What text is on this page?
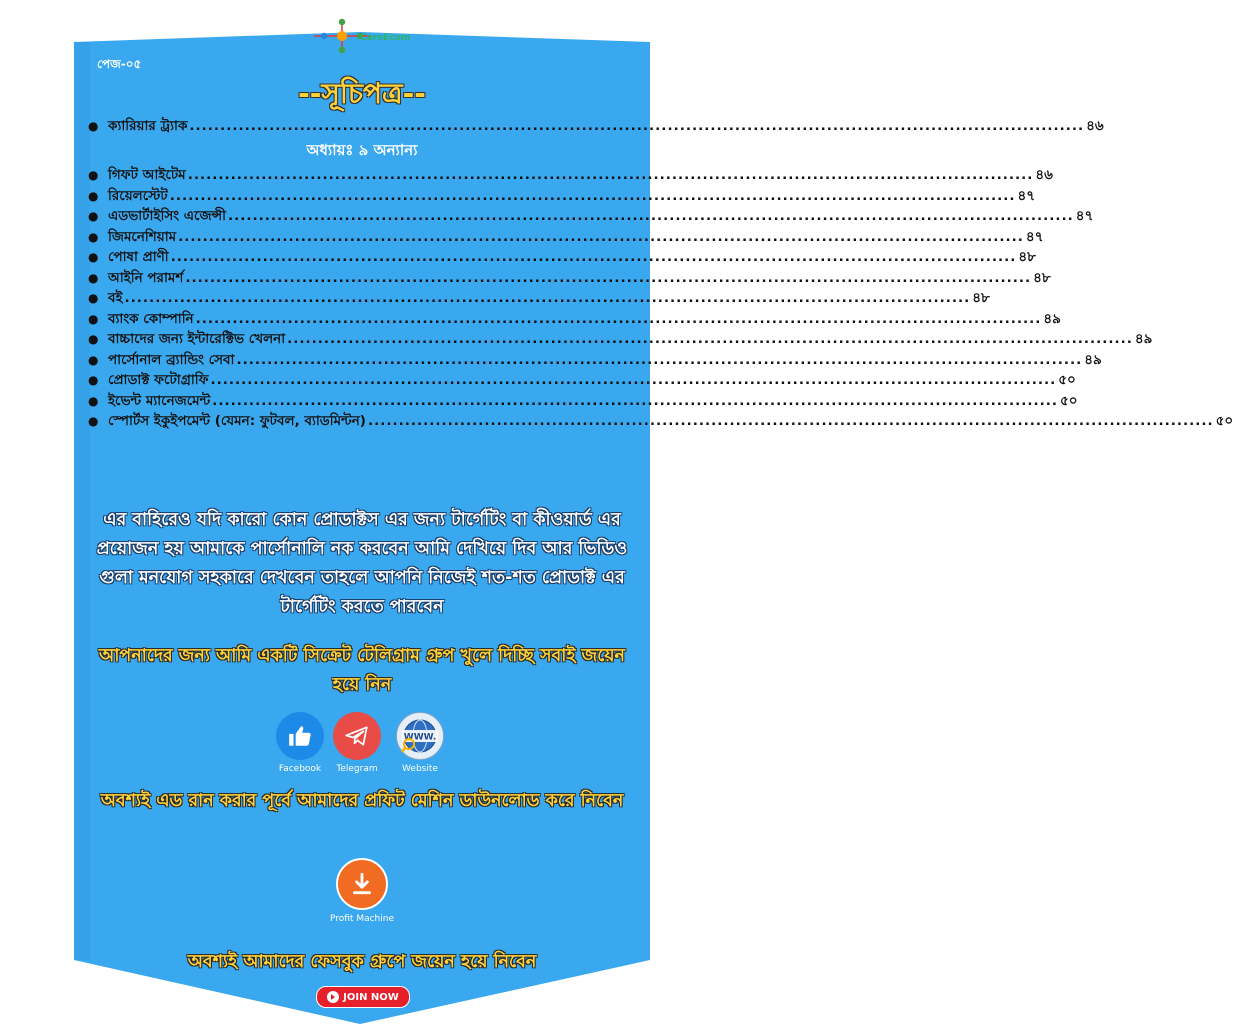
CareEcom
পেজ-০৫
--সূচিপত্র--
● ক্যারিয়ার ট্র্যাক .................................................................................................................................................. ৪৬
অধ্যায়ঃ ৯ অন্যান্য
● গিফট আইটেম .......................................................................................................................................... ৪৬
● রিয়েলস্টেট .......................................................................................................................................... ৪৭
● এডভার্টাইসিং এজেন্সী .......................................................................................................................................... ৪৭
● জিমনেশিয়াম .......................................................................................................................................... ৪৭
● পোষা প্রাণী .......................................................................................................................................... ৪৮
● আইনি পরামর্শ .......................................................................................................................................... ৪৮
● বই .......................................................................................................................................... ৪৮
● ব্যাংক কোম্পানি .......................................................................................................................................... ৪৯
● বাচ্চাদের জন্য ইন্টারেক্টিভ খেলনা .......................................................................................................................................... ৪৯
● পার্সোনাল ব্র্যান্ডিং সেবা .......................................................................................................................................... ৪৯
● প্রোডাক্ট ফটোগ্রাফি .......................................................................................................................................... ৫০
● ইভেন্ট ম্যানেজমেন্ট .......................................................................................................................................... ৫০
● স্পোর্টস ইকুইপমেন্ট (যেমন: ফুটবল, ব্যাডমিন্টন) .......................................................................................................................................... ৫০
এর বাহিরেও যদি কারো কোন প্রোডাক্টস এর জন্য টার্গেটিং বা কীওয়ার্ড এর প্রয়োজন হয় আমাকে পার্সোনালি নক করবেন আমি দেখিয়ে দিব আর ভিডিও গুলা মনযোগ সহকারে দেখবেন তাহলে আপনি নিজেই শত-শত প্রোডাক্ট এর টার্গেটিং করতে পারবেন
আপনাদের জন্য আমি একটি সিক্রেট টেলিগ্রাম গ্রুপ খুলে দিচ্ছি সবাই জয়েন হয়ে নিন
Facebook	Telegram
WWW.
Website
অবশ্যই এড রান করার পূর্বে আমাদের প্রফিট মেশিন ডাউনলোড করে নিবেন
Profit Machine
অবশ্যই আমাদের ফেসবুক গ্রুপে জয়েন হয়ে নিবেন
JOIN NOW
